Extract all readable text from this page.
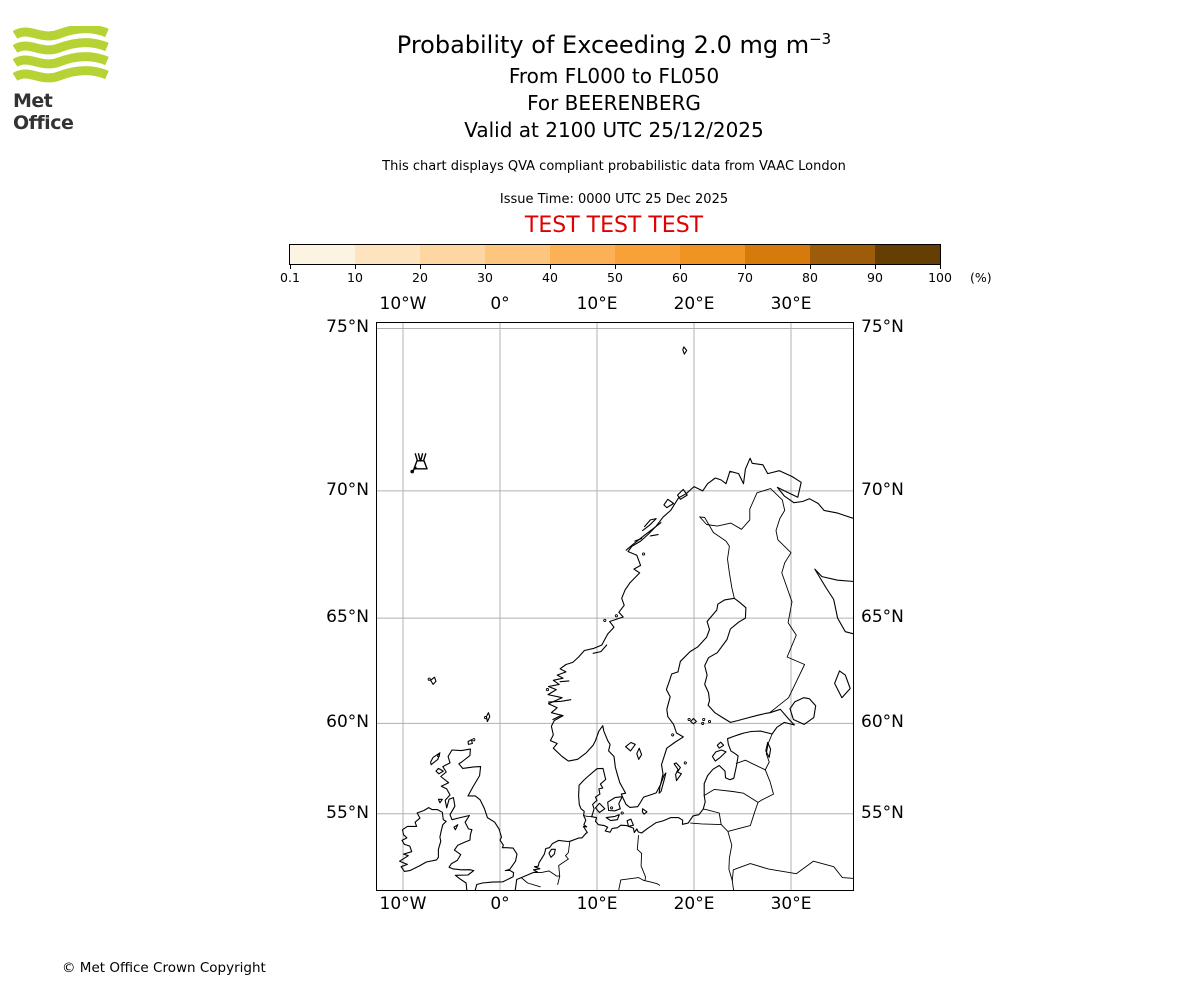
Met Office
Probability of Exceeding 2.0 mg $m^{-3}$
From FL000 to FL050
For BEERENBERG
Valid at 2100 UTC 25/12/2025
This chart displays QVA compliant probabilistic data from VAAC London
Issue Time: 0000 UTC 25 Dec 2025
TEST TEST TEST
(%)
0.1	10	20	30	40	50	60	70	80	90	100
© Met Office Crown Copyright
10°W
10°W
0°
0°
10°E
10°E
20°E
20°E
30°E
30°E
75°N	75°N
70°N	70°N
65°N	65°N
60°N	60°N
55°N	55°N
